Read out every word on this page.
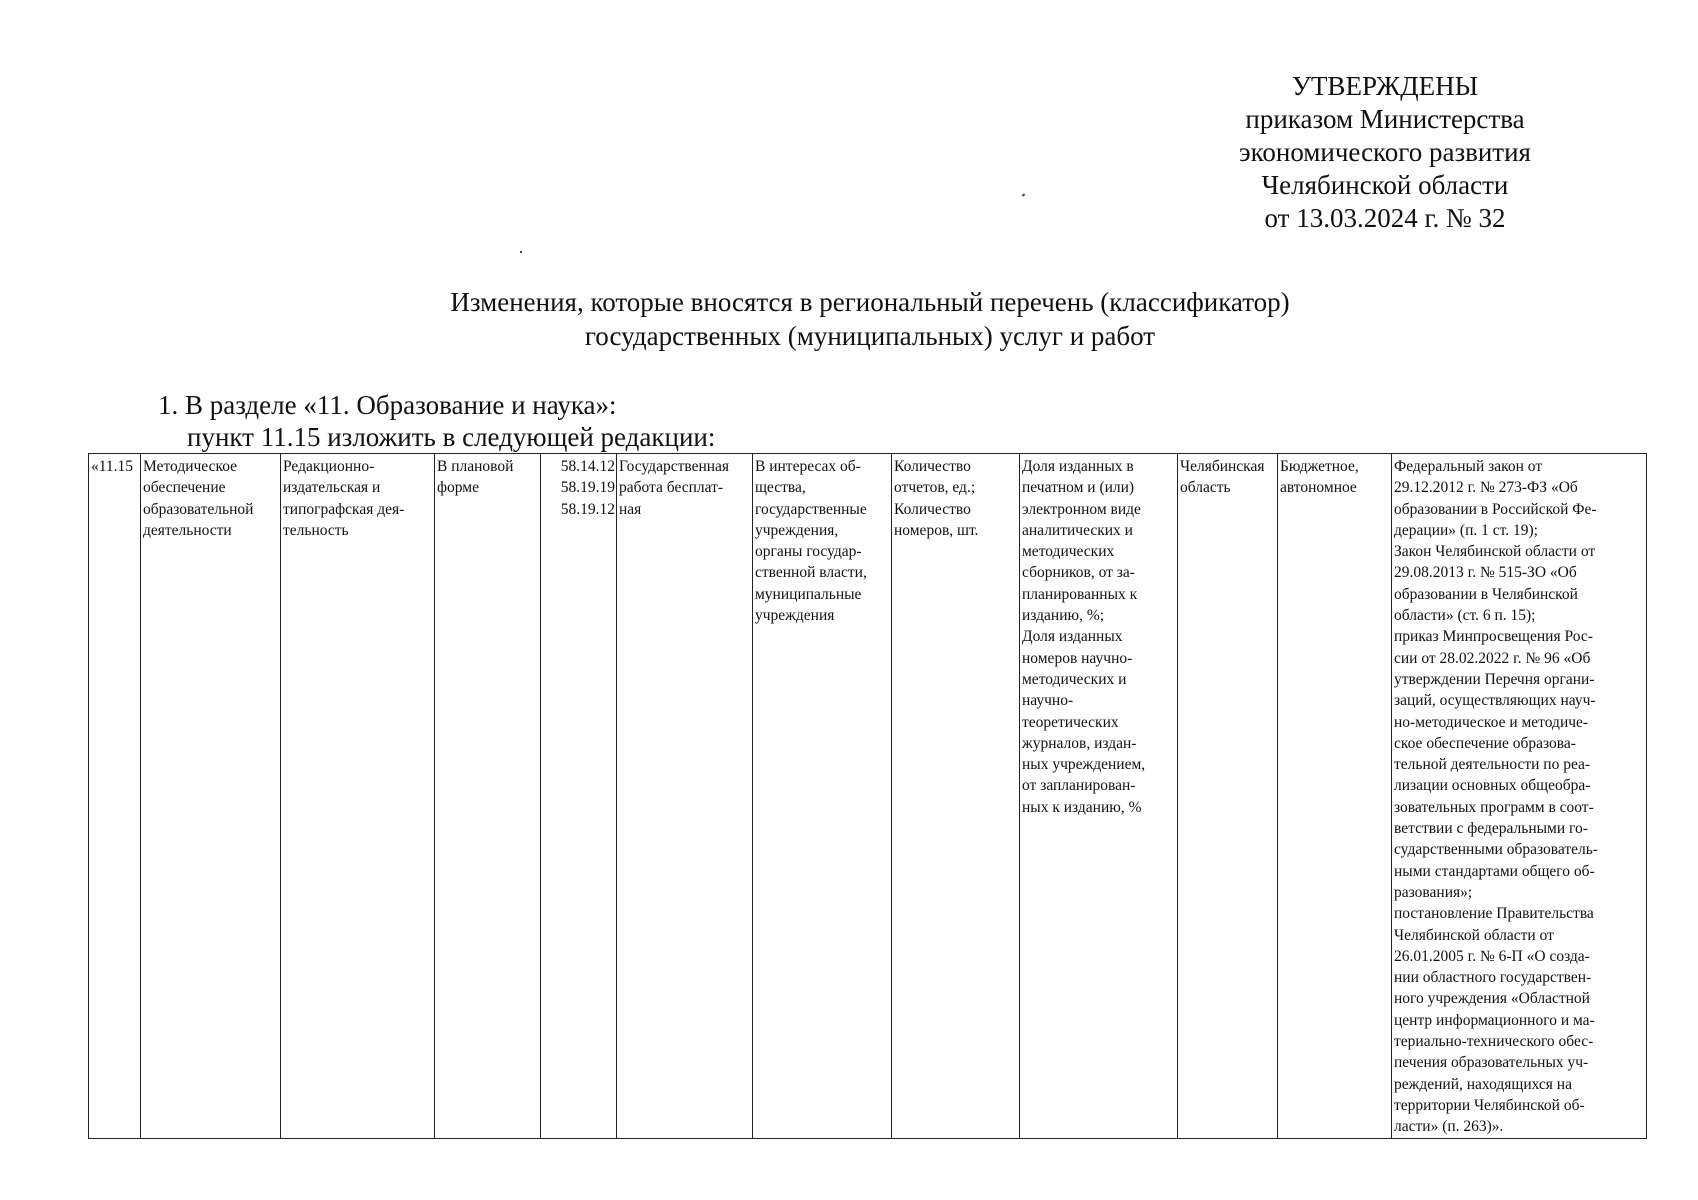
УТВЕРЖДЕНЫ
приказом Министерства
экономического развития
Челябинской области
от 13.03.2024 г. № 32
Изменения, которые вносятся в региональный перечень (классификатор)
государственных (муниципальных) услуг и работ
1. В разделе «11. Образование и наука»:
пункт 11.15 изложить в следующей редакции:
«11.15	Методическое
обеспечение
образовательной
деятельности	Редакционно-
издательская и
типографская дея-
тельность	В плановой
форме	58.14.12
58.19.19
58.19.12	Государственная
работа бесплат-
ная	В интересах об-
щества,
государственные
учреждения,
органы государ-
ственной власти,
муниципальные
учреждения	Количество
отчетов, ед.;
Количество
номеров, шт.	Доля изданных в
печатном и (или)
электронном виде
аналитических и
методических
сборников, от за-
планированных к
изданию, %;
Доля изданных
номеров научно-
методических и
научно-
теоретических
журналов, издан-
ных учреждением,
от запланирован-
ных к изданию, %	Челябинская
область	Бюджетное,
автономное	Федеральный закон от
29.12.2012 г. № 273-ФЗ «Об
образовании в Российской Фе-
дерации» (п. 1 ст. 19);
Закон Челябинской области от
29.08.2013 г. № 515-ЗО «Об
образовании в Челябинской
области» (ст. 6 п. 15);
приказ Минпросвещения Рос-
сии от 28.02.2022 г. № 96 «Об
утверждении Перечня органи-
заций, осуществляющих науч-
но-методическое и методиче-
ское обеспечение образова-
тельной деятельности по реа-
лизации основных общеобра-
зовательных программ в соот-
ветствии с федеральными го-
сударственными образователь-
ными стандартами общего об-
разования»;
постановление Правительства
Челябинской области от
26.01.2005 г. № 6-П «О созда-
нии областного государствен-
ного учреждения «Областной
центр информационного и ма-
териально-технического обес-
печения образовательных уч-
реждений, находящихся на
территории Челябинской об-
ласти» (п. 263)».
